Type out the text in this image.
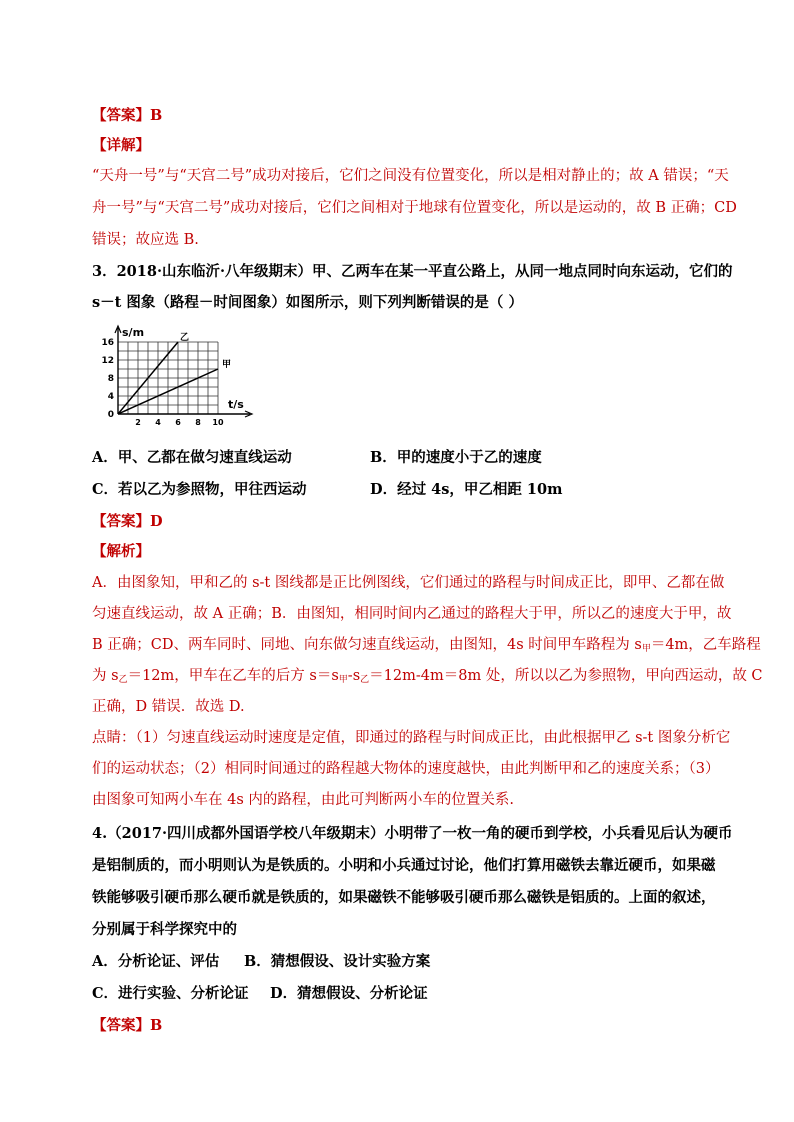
【答案】B
【详解】
“天舟一号”与“天宫二号”成功对接后，它们之间没有位置变化，所以是相对静止的；故 A 错误；“天
舟一号”与“天宫二号”成功对接后，它们之间相对于地球有位置变化，所以是运动的，故 B 正确；CD
错误；故应选 B.
3．2018·山东临沂·八年级期末）甲、乙两车在某一平直公路上，从同一地点同时向东运动，它们的
s－t 图象（路程－时间图象）如图所示，则下列判断错误的是（ ）
乙
甲
0
4
8
12
16
2 4 6 8 10
s/m
t/s
A．甲、乙都在做匀速直线运动	B．甲的速度小于乙的速度
C．若以乙为参照物，甲往西运动	D．经过 4s，甲乙相距 10m
【答案】D
【解析】
A．由图象知，甲和乙的 s-t 图线都是正比例图线，它们通过的路程与时间成正比，即甲、乙都在做
匀速直线运动，故 A 正确；B．由图知，相同时间内乙通过的路程大于甲，所以乙的速度大于甲，故
B 正确；CD、两车同时、同地、向东做匀速直线运动，由图知，4s 时间甲车路程为 $s_甲=4m$，乙车路程
为 $s_乙=12m$，甲车在乙车的后方 $s=s_甲-s_乙=12m-4m=8m$ 处，所以以乙为参照物，甲向西运动，故 C
正确，D 错误．故选 D.
点睛：（1）匀速直线运动时速度是定值，即通过的路程与时间成正比，由此根据甲乙 s-t 图象分析它
们的运动状态；（2）相同时间通过的路程越大物体的速度越快，由此判断甲和乙的速度关系；（3）
由图象可知两小车在 4s 内的路程，由此可判断两小车的位置关系.
4.（2017·四川成都外国语学校八年级期末）小明带了一枚一角的硬币到学校，小兵看见后认为硬币
是铝制质的，而小明则认为是铁质的。小明和小兵通过讨论，他们打算用磁铁去靠近硬币，如果磁
铁能够吸引硬币那么硬币就是铁质的，如果磁铁不能够吸引硬币那么磁铁是铝质的。上面的叙述，
分别属于科学探究中的
A．分析论证、评估 B．猜想假设、设计实验方案
C．进行实验、分析论证 D．猜想假设、分析论证
【答案】B
